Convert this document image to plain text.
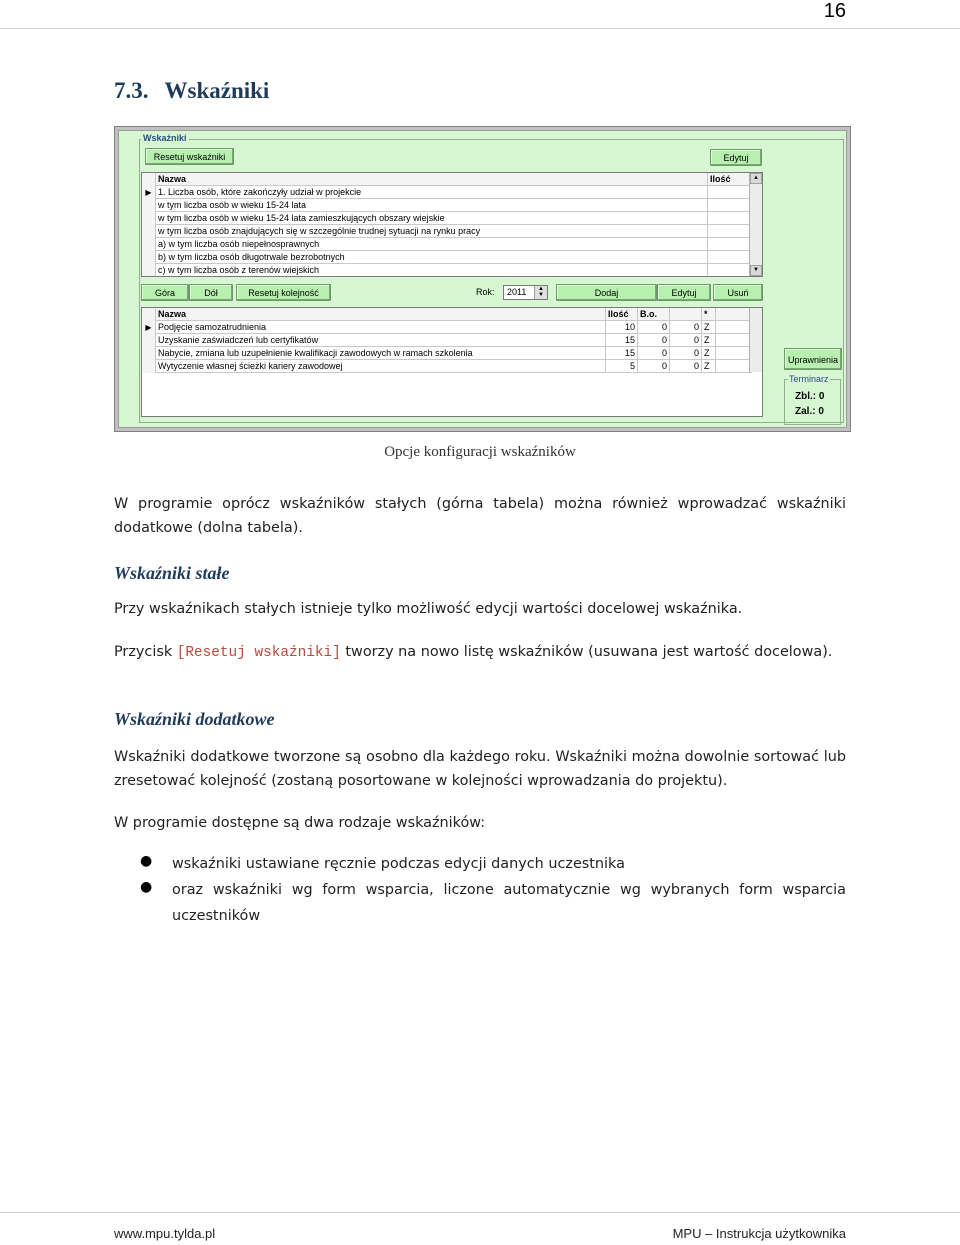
16
7.3. Wskaźniki
Wskaźniki
Resetuj wskaźniki	Edytuj
Nazwa	Ilość
▶ 1. Liczba osób, które zakończyły udział w projekcie
w tym liczba osób w wieku 15-24 lata
w tym liczba osób w wieku 15-24 lata zamieszkujących obszary wiejskie
w tym liczba osób znajdujących się w szczególnie trudnej sytuacji na rynku pracy
a) w tym liczba osób niepełnosprawnych
b) w tym liczba osób długotrwale bezrobotnych
c) w tym liczba osób z terenów wiejskich
▲
▼
Góra	Dół	Resetuj kolejność	Rok:	2011	▲
▼	Dodaj	Edytuj	Usuń
Nazwa	Ilość	B.o.	*
▶ Podjęcie samozatrudnienia	10	0	0 Z
Uzyskanie zaświadczeń lub certyfikatów	15	0	0 Z
Nabycie, zmiana lub uzupełnienie kwalifikacji zawodowych w ramach szkolenia	15	0	0 Z
Wytyczenie własnej ścieżki kariery zawodowej	5	0	0 Z
Uprawnienia
Terminarz
Zbl.: 0
Zal.: 0
Opcje konfiguracji wskaźników
W programie oprócz wskaźników stałych (górna tabela) można również wprowadzać wskaźniki dodatkowe (dolna tabela).
Wskaźniki stałe
Przy wskaźnikach stałych istnieje tylko możliwość edycji wartości docelowej wskaźnika.
Przycisk [Resetuj wskaźniki] tworzy na nowo listę wskaźników (usuwana jest wartość docelowa).
Wskaźniki dodatkowe
Wskaźniki dodatkowe tworzone są osobno dla każdego roku. Wskaźniki można dowolnie sortować lub zresetować kolejność (zostaną posortowane w kolejności wprowadzania do projektu).
W programie dostępne są dwa rodzaje wskaźników:
● wskaźniki ustawiane ręcznie podczas edycji danych uczestnika
● oraz wskaźniki wg form wsparcia, liczone automatycznie wg wybranych form wsparcia uczestników
www.mpu.tylda.pl	MPU – Instrukcja użytkownika
